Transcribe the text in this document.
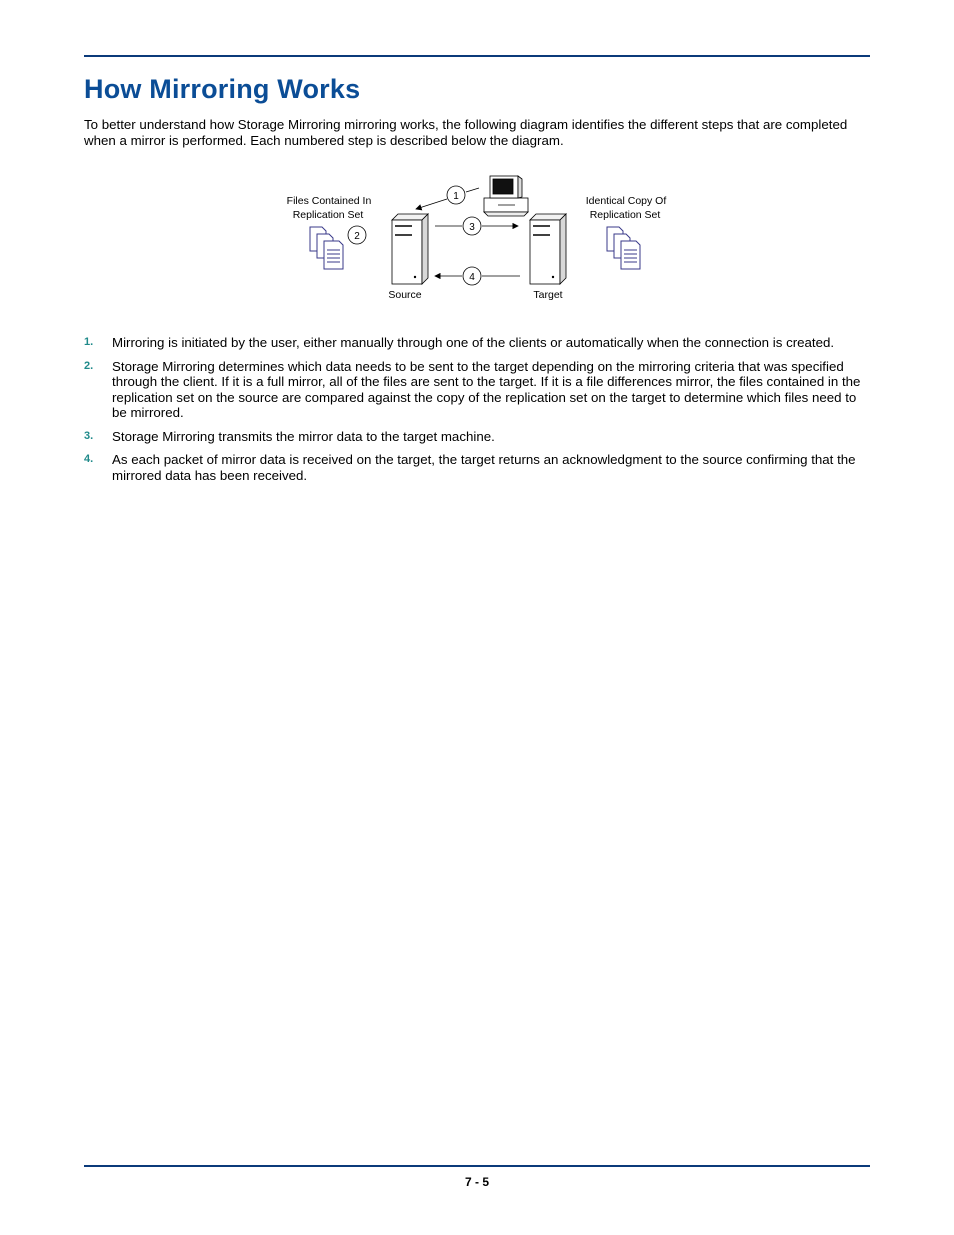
How Mirroring Works

To better understand how Storage Mirroring mirroring works, the following diagram identifies the different steps that are completed when a mirror is performed. Each numbered step is described below the diagram.

Files Contained In
Replication Set
2
Source
1
3
4
Target
Identical Copy Of
Replication Set
1. Mirroring is initiated by the user, either manually through one of the clients or automatically when the connection is created.
2. Storage Mirroring determines which data needs to be sent to the target depending on the mirroring criteria that was specified through the client. If it is a full mirror, all of the files are sent to the target. If it is a file differences mirror, the files contained in the replication set on the source are compared against the copy of the replication set on the target to determine which files need to be mirrored.
3. Storage Mirroring transmits the mirror data to the target machine.
4. As each packet of mirror data is received on the target, the target returns an acknowledgment to the source confirming that the mirrored data has been received.
7 - 5
